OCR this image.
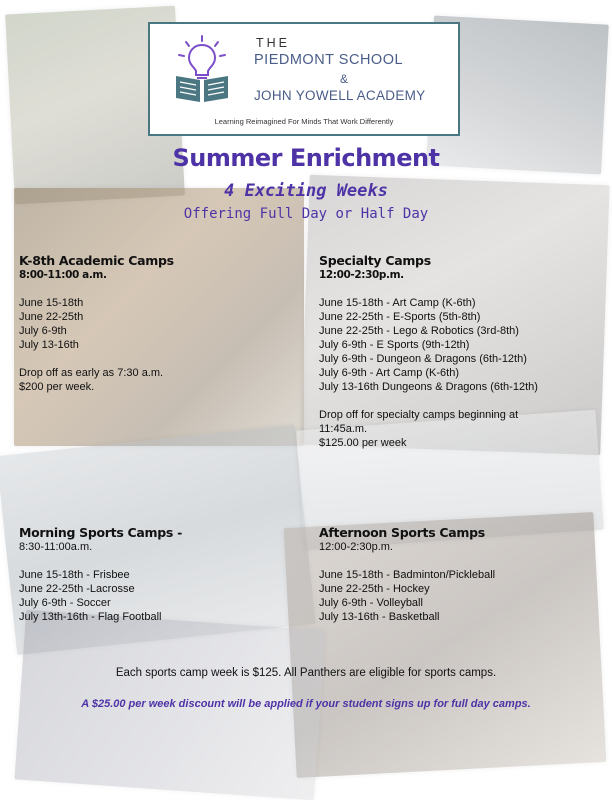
THE
PIEDMONT SCHOOL
&
JOHN YOWELL ACADEMY
Learning Reimagined For Minds That Work Differently
Summer Enrichment
4 Exciting Weeks
Offering Full Day or Half Day
K-8th Academic Camps
8:00-11:00 a.m.
June 15-18th
June 22-25th
July 6-9th
July 13-16th
Drop off as early as 7:30 a.m.
$200 per week.
Specialty Camps
12:00-2:30p.m.
June 15-18th - Art Camp (K-6th)
June 22-25th - E-Sports (5th-8th)
June 22-25th - Lego & Robotics (3rd-8th)
July 6-9th - E Sports (9th-12th)
July 6-9th - Dungeon & Dragons (6th-12th)
July 6-9th - Art Camp (K-6th)
July 13-16th Dungeons & Dragons (6th-12th)
Drop off for specialty camps beginning at 11:45a.m.
$125.00 per week
Morning Sports Camps -
8:30-11:00a.m.
June 15-18th - Frisbee
June 22-25th -Lacrosse
July 6-9th - Soccer
July 13th-16th - Flag Football
Afternoon Sports Camps
12:00-2:30p.m.
June 15-18th - Badminton/Pickleball
June 22-25th - Hockey
July 6-9th - Volleyball
July 13-16th - Basketball
Each sports camp week is $125. All Panthers are eligible for sports camps.
A $25.00 per week discount will be applied if your student signs up for full day camps.
